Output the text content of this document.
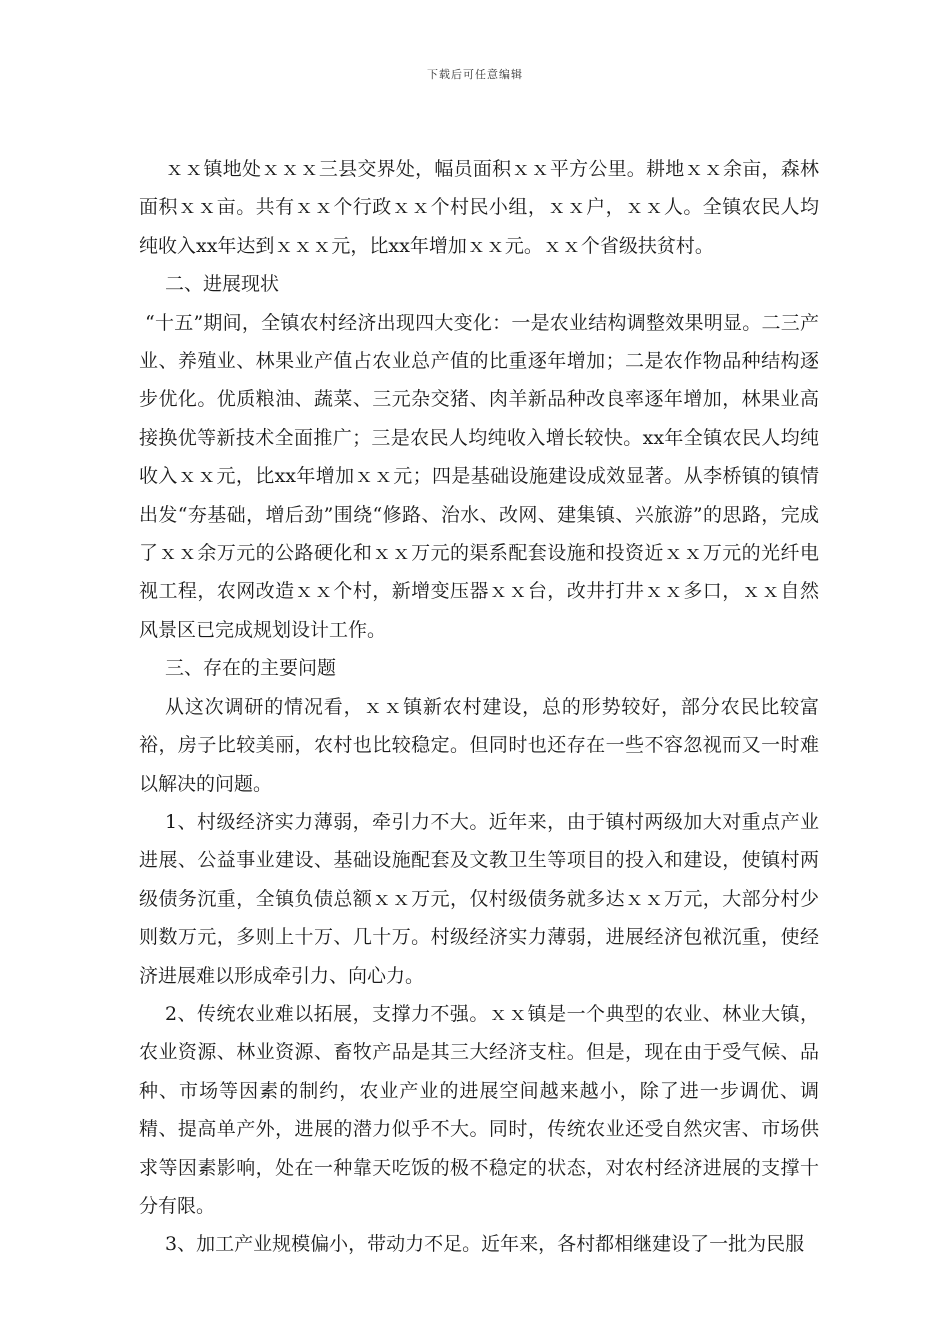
下载后可任意编辑

ｘｘ镇地处ｘｘｘ三县交界处，幅员面积ｘｘ平方公里。耕地ｘｘ余亩，森林面积ｘｘ亩。共有ｘｘ个行政ｘｘ个村民小组，ｘｘ户，ｘｘ人。全镇农民人均纯收入xx年达到ｘｘｘ元，比xx年增加ｘｘ元。ｘｘ个省级扶贫村。

二、进展现状

“十五”期间，全镇农村经济出现四大变化：一是农业结构调整效果明显。二三产业、养殖业、林果业产值占农业总产值的比重逐年增加；二是农作物品种结构逐步优化。优质粮油、蔬菜、三元杂交猪、肉羊新品种改良率逐年增加，林果业高接换优等新技术全面推广；三是农民人均纯收入增长较快。xx年全镇农民人均纯收入ｘｘ元，比xx年增加ｘｘ元；四是基础设施建设成效显著。从李桥镇的镇情出发“夯基础，增后劲”围绕“修路、治水、改网、建集镇、兴旅游”的思路，完成了ｘｘ余万元的公路硬化和ｘｘ万元的渠系配套设施和投资近ｘｘ万元的光纤电视工程，农网改造ｘｘ个村，新增变压器ｘｘ台，改井打井ｘｘ多口，ｘｘ自然风景区已完成规划设计工作。

三、存在的主要问题

从这次调研的情况看，ｘｘ镇新农村建设，总的形势较好，部分农民比较富裕，房子比较美丽，农村也比较稳定。但同时也还存在一些不容忽视而又一时难以解决的问题。

1、村级经济实力薄弱，牵引力不大。近年来，由于镇村两级加大对重点产业进展、公益事业建设、基础设施配套及文教卫生等项目的投入和建设，使镇村两级债务沉重，全镇负债总额ｘｘ万元，仅村级债务就多达ｘｘ万元，大部分村少则数万元，多则上十万、几十万。村级经济实力薄弱，进展经济包袱沉重，使经济进展难以形成牵引力、向心力。

2、传统农业难以拓展，支撑力不强。ｘｘ镇是一个典型的农业、林业大镇，农业资源、林业资源、畜牧产品是其三大经济支柱。但是，现在由于受气候、品种、市场等因素的制约，农业产业的进展空间越来越小，除了进一步调优、调精、提高单产外，进展的潜力似乎不大。同时，传统农业还受自然灾害、市场供求等因素影响，处在一种靠天吃饭的极不稳定的状态，对农村经济进展的支撑十分有限。

3、加工产业规模偏小，带动力不足。近年来，各村都相继建设了一批为民服
